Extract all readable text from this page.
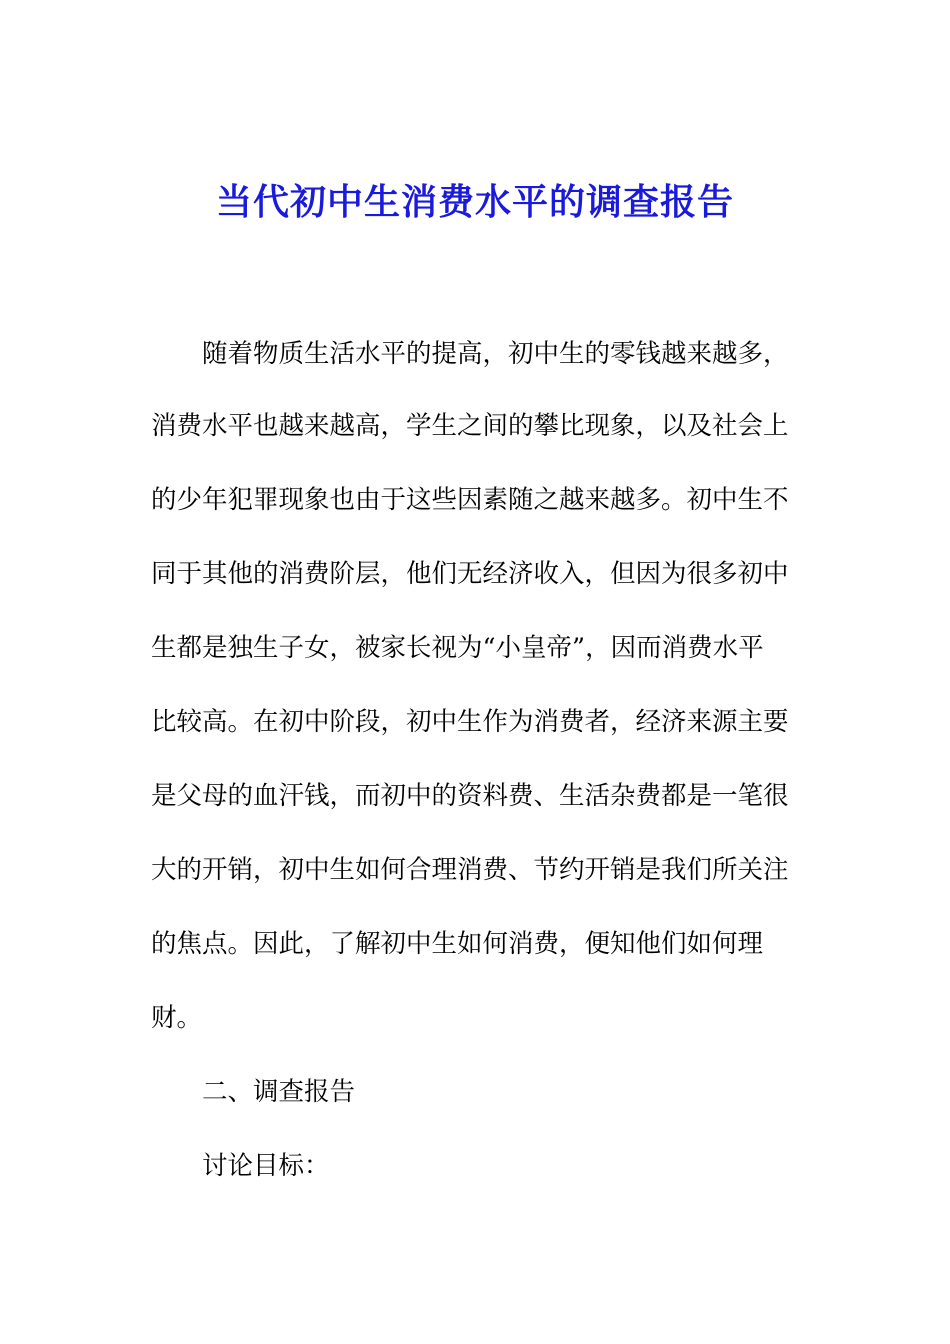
当代初中生消费水平的调查报告

　　随着物质生活水平的提高，初中生的零钱越来越多，

消费水平也越来越高，学生之间的攀比现象，以及社会上

的少年犯罪现象也由于这些因素随之越来越多。初中生不

同于其他的消费阶层，他们无经济收入，但因为很多初中

生都是独生子女，被家长视为“小皇帝”，因而消费水平

比较高。在初中阶段，初中生作为消费者，经济来源主要

是父母的血汗钱，而初中的资料费、生活杂费都是一笔很

大的开销，初中生如何合理消费、节约开销是我们所关注

的焦点。因此，了解初中生如何消费，便知他们如何理

财。

　　二、调查报告

　　讨论目标：
